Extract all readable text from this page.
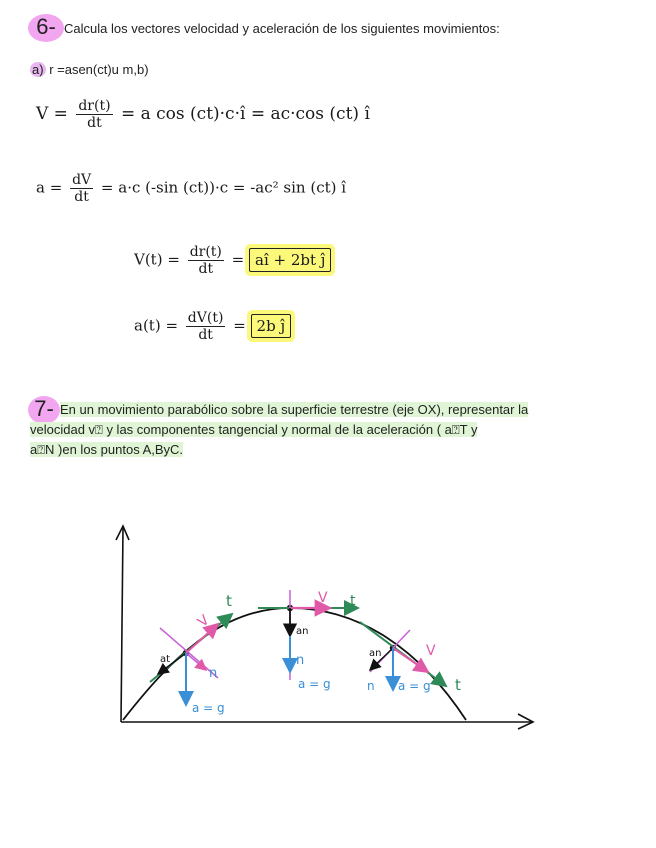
6- Calcula los vectores velocidad y aceleración de los siguientes movimientos:
a) r =asen(ct)u m,b)
$V = \frac{dr(t)}{dt} = a$ cos (ct)·c·î = ac·cos (ct) î
$a = \frac{dV}{dt} = a\cdot c$ (-sin (ct))·c = -ac² sin (ct) î
$V(t) = \frac{dr(t)}{dt}$ = aî + 2bt ĵ
$a(t) = \frac{dV(t)}{dt} = 2b$ ĵ
7- En un movimiento parabólico sobre la superficie terrestre (eje OX), representar la
velocidad v⍰ y las componentes tangencial y normal de la aceleración ( a⍰T y
a⍰N )en los puntos A,ByC.
t
V
n
at
a = g
V t
an
n
a = g
an
n
V
a = g t
